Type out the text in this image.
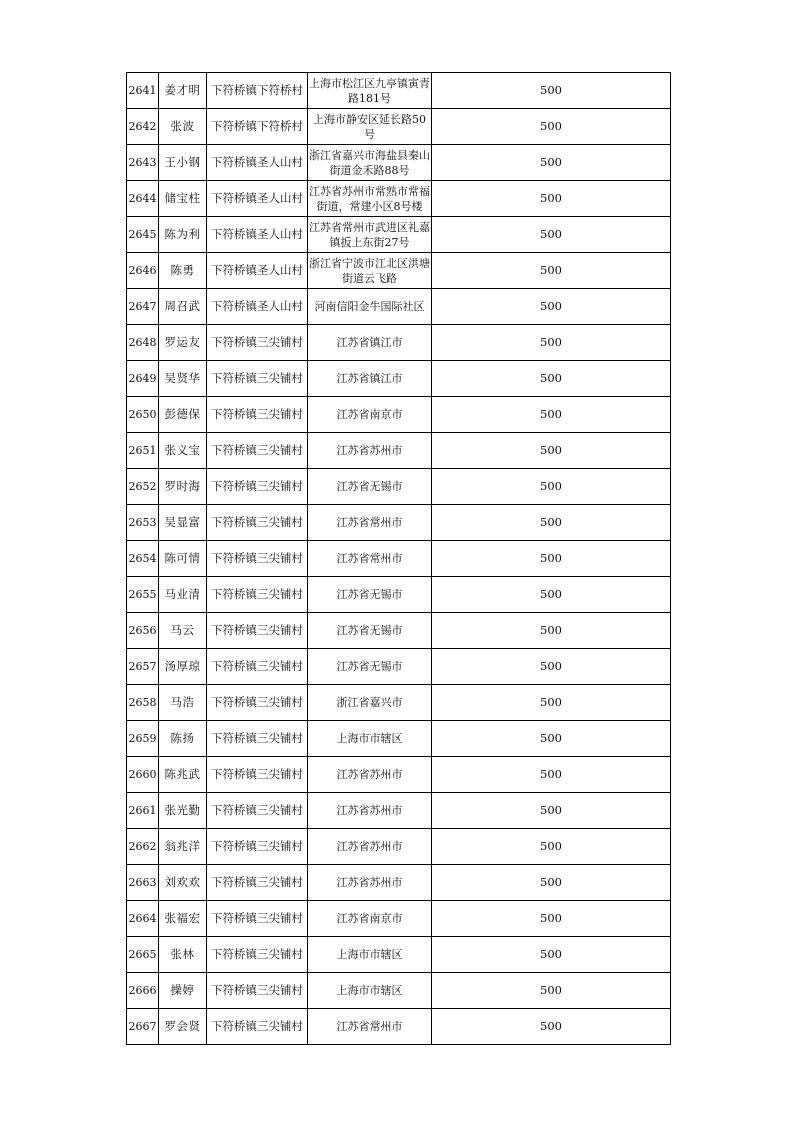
2641	姜才明	下符桥镇下符桥村	上海市松江区九亭镇寅青路181号	500
2642	张波	下符桥镇下符桥村	上海市静安区延长路50号	500
2643	王小钢	下符桥镇圣人山村	浙江省嘉兴市海盐县秦山街道金禾路88号	500
2644	储宝柱	下符桥镇圣人山村	江苏省苏州市常熟市常福街道，常建小区8号楼	500
2645	陈为利	下符桥镇圣人山村	江苏省常州市武进区礼嘉镇扳上东街27号	500
2646	陈勇	下符桥镇圣人山村	浙江省宁波市江北区洪塘街道云飞路	500
2647	周召武	下符桥镇圣人山村	河南信阳金牛国际社区	500
2648	罗运友	下符桥镇三尖铺村	江苏省镇江市	500
2649	吴贤华	下符桥镇三尖铺村	江苏省镇江市	500
2650	彭德保	下符桥镇三尖铺村	江苏省南京市	500
2651	张义宝	下符桥镇三尖铺村	江苏省苏州市	500
2652	罗时海	下符桥镇三尖铺村	江苏省无锡市	500
2653	吴显富	下符桥镇三尖铺村	江苏省常州市	500
2654	陈可情	下符桥镇三尖铺村	江苏省常州市	500
2655	马业清	下符桥镇三尖铺村	江苏省无锡市	500
2656	马云	下符桥镇三尖铺村	江苏省无锡市	500
2657	汤厚琼	下符桥镇三尖铺村	江苏省无锡市	500
2658	马浩	下符桥镇三尖铺村	浙江省嘉兴市	500
2659	陈扬	下符桥镇三尖铺村	上海市市辖区	500
2660	陈兆武	下符桥镇三尖铺村	江苏省苏州市	500
2661	张光勤	下符桥镇三尖铺村	江苏省苏州市	500
2662	翁兆洋	下符桥镇三尖铺村	江苏省苏州市	500
2663	刘欢欢	下符桥镇三尖铺村	江苏省苏州市	500
2664	张福宏	下符桥镇三尖铺村	江苏省南京市	500
2665	张林	下符桥镇三尖铺村	上海市市辖区	500
2666	操婷	下符桥镇三尖铺村	上海市市辖区	500
2667	罗会贤	下符桥镇三尖铺村	江苏省常州市	500
